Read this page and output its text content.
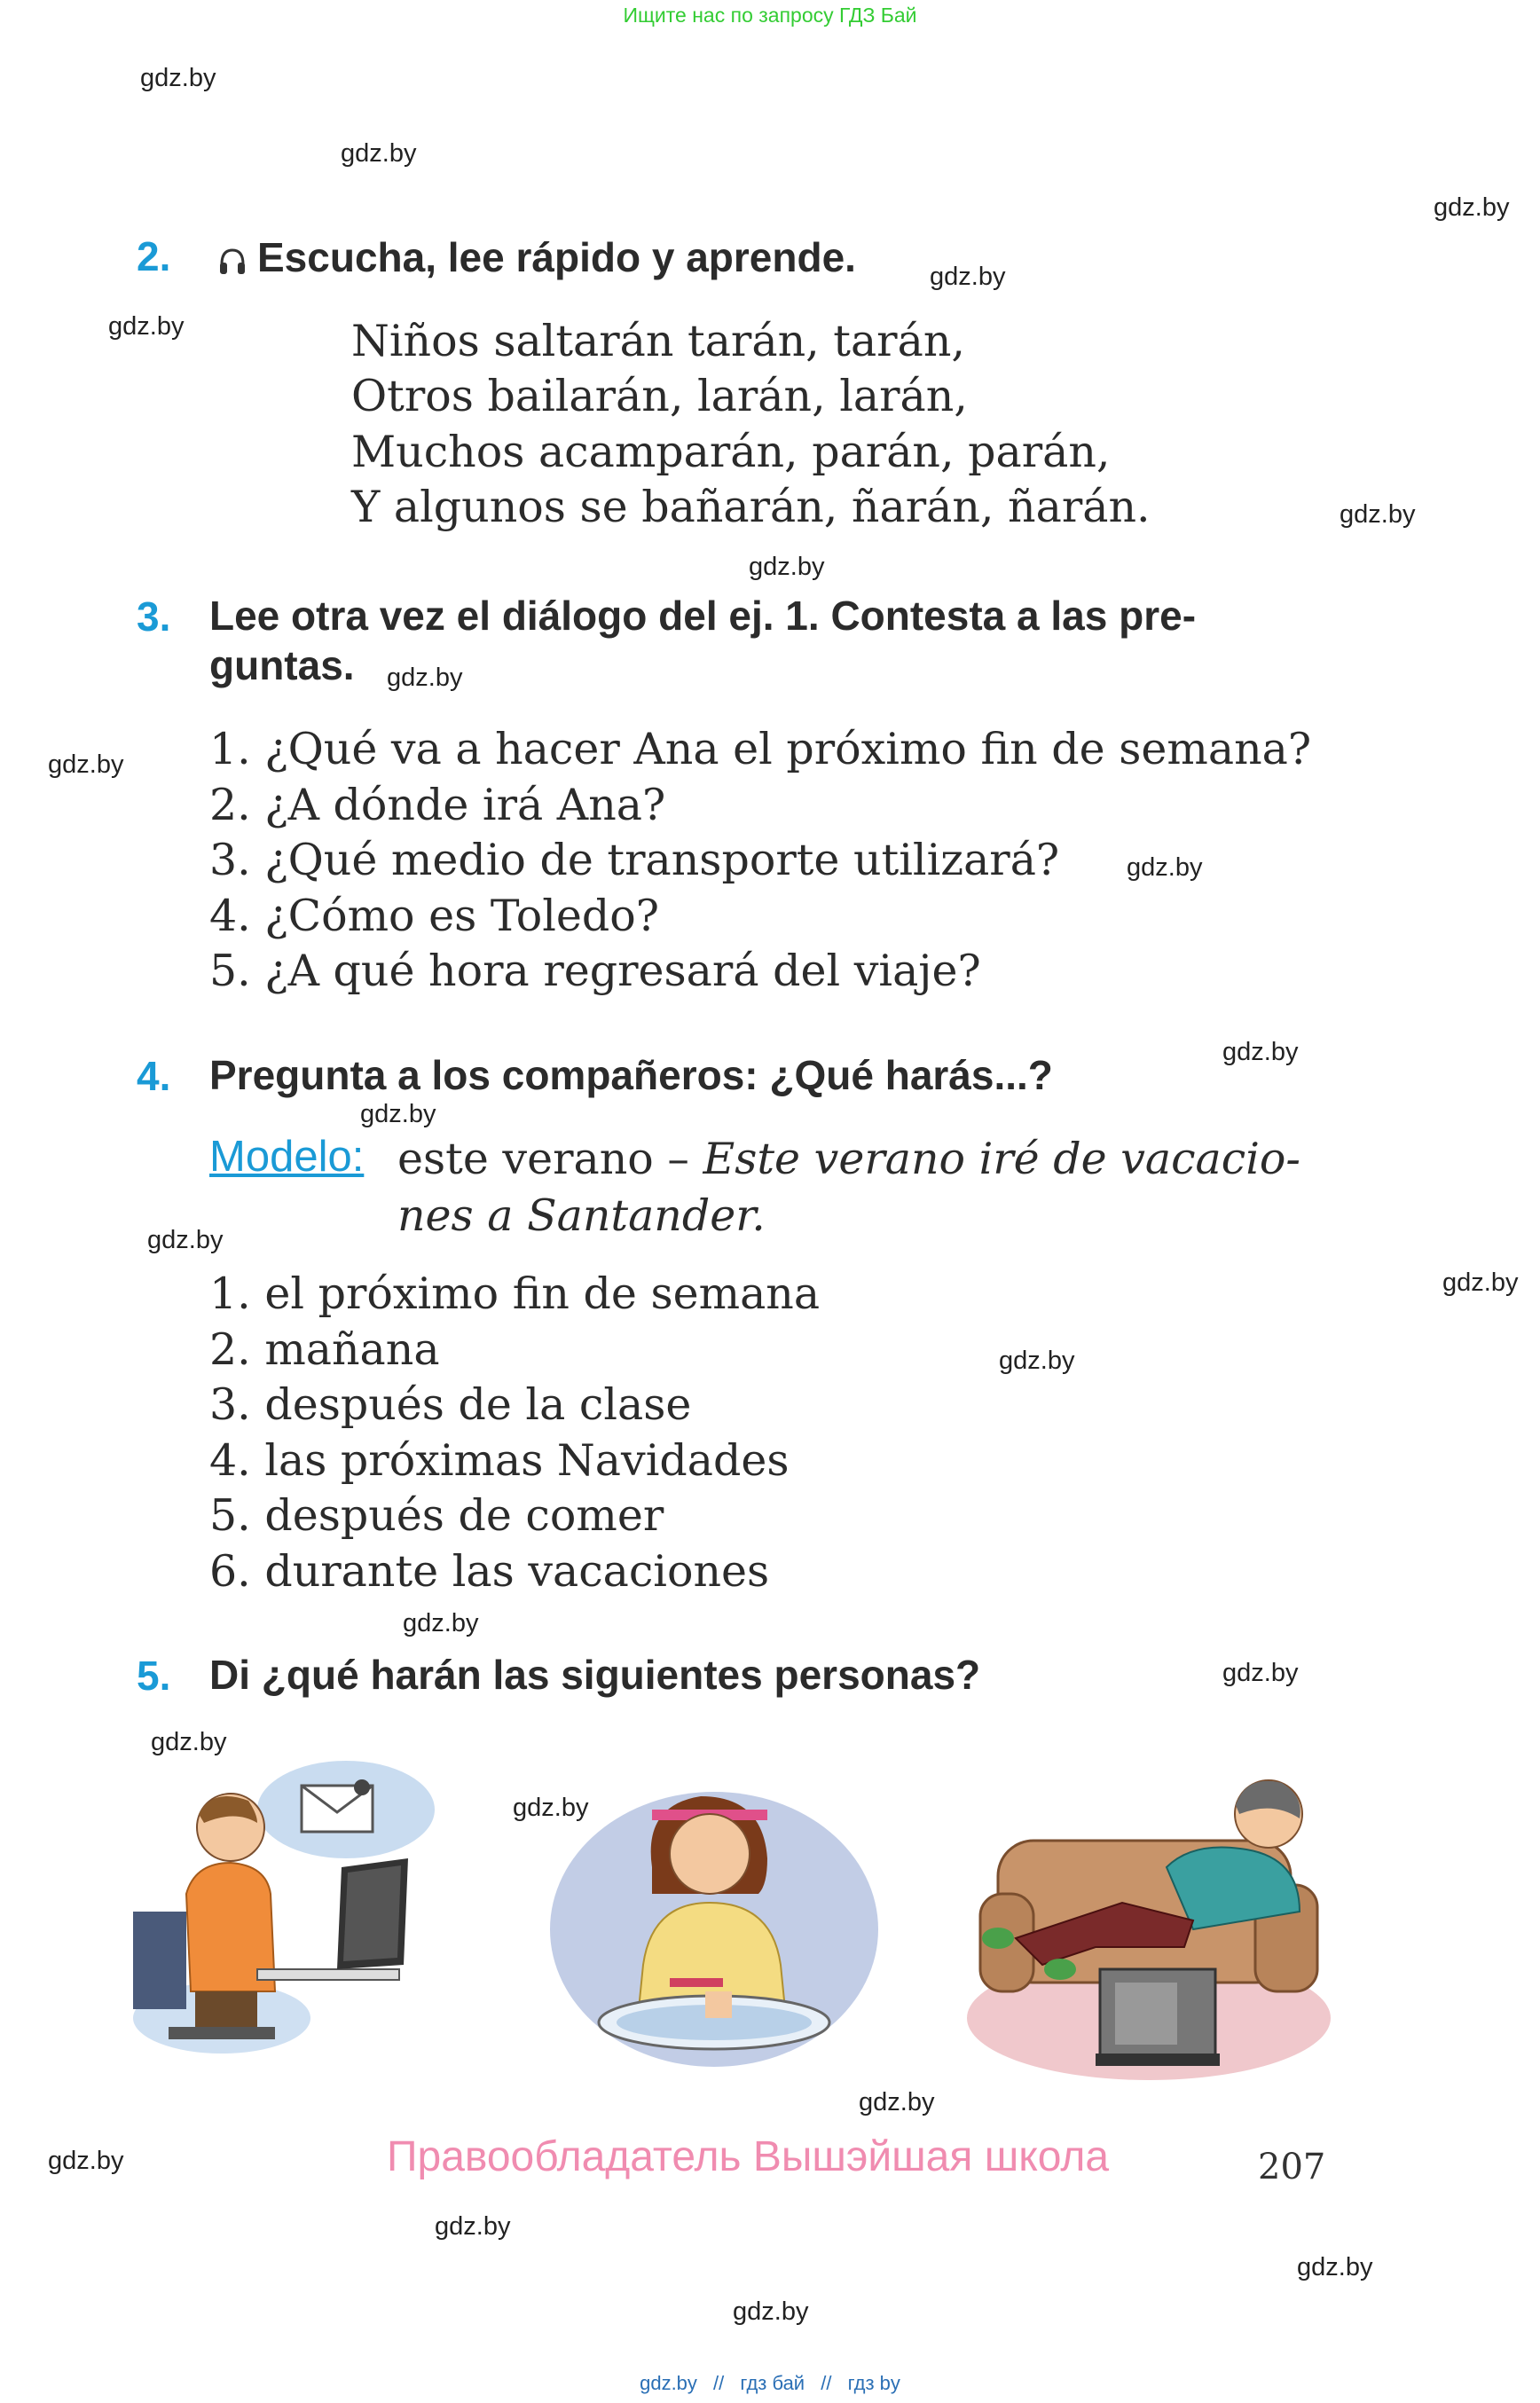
Ищите нас по запросу ГДЗ Бай
gdz.by
gdz.by
gdz.by
gdz.by
gdz.by
gdz.by
gdz.by
gdz.by
gdz.by
gdz.by
gdz.by
gdz.by
gdz.by
gdz.by
gdz.by
gdz.by
gdz.by
gdz.by
gdz.by
gdz.by
gdz.by
gdz.by
gdz.by
gdz.by
2. Escucha, lee rápido y aprende.
Niños saltarán tarán, tarán,
Otros bailarán, larán, larán,
Muchos acamparán, parán, parán,
Y algunos se bañarán, ñarán, ñarán.
3. Lee otra vez el diálogo del ej. 1. Contesta a las pre-
guntas.
1. ¿Qué va a hacer Ana el próximo fin de semana?
2. ¿A dónde irá Ana?
3. ¿Qué medio de transporte utilizará?
4. ¿Cómo es Toledo?
5. ¿A qué hora regresará del viaje?
4. Pregunta a los compañeros: ¿Qué harás...?
Modelo: este verano – Este verano iré de vacacio-
nes a Santander.
1. el próximo fin de semana
2. mañana
3. después de la clase
4. las próximas Navidades
5. después de comer
6. durante las vacaciones
5. Di ¿qué harán las siguientes personas?
Правообладатель Вышэйшая школа	207
gdz.by // гдз бай // гдз by
